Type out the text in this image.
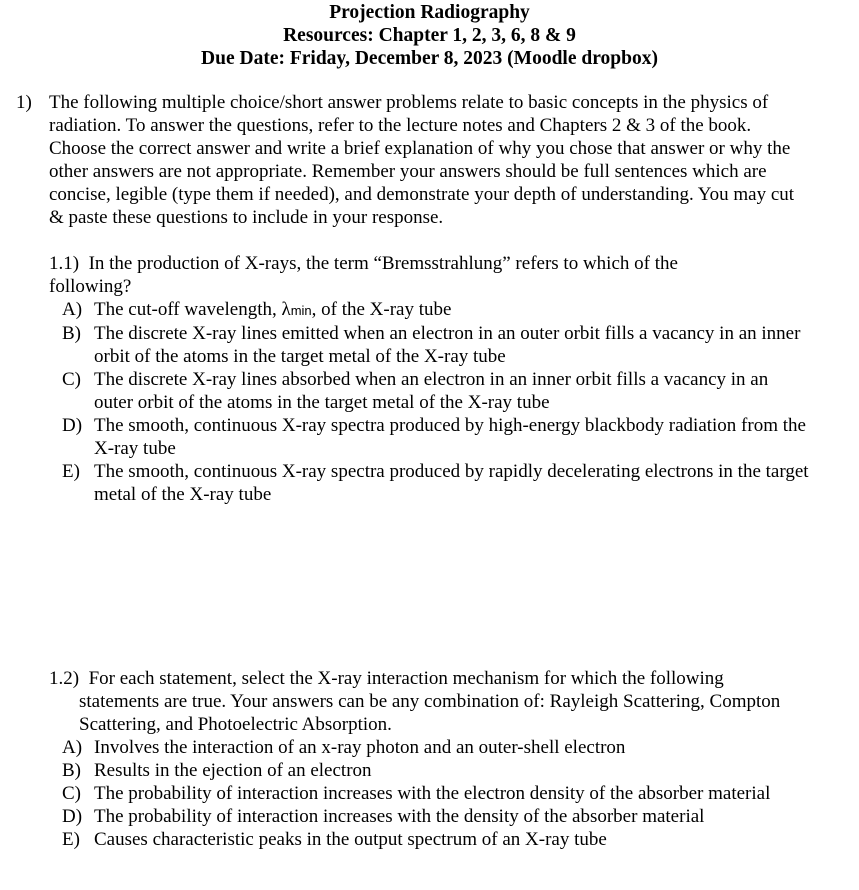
Projection Radiography
Resources: Chapter 1, 2, 3, 6, 8 & 9
Due Date: Friday, December 8, 2023 (Moodle dropbox)
1) The following multiple choice/short answer problems relate to basic concepts in the physics of radiation. To answer the questions, refer to the lecture notes and Chapters 2 & 3 of the book. Choose the correct answer and write a brief explanation of why you chose that answer or why the other answers are not appropriate. Remember your answers should be full sentences which are concise, legible (type them if needed), and demonstrate your depth of understanding. You may cut & paste these questions to include in your response.
1.1) In the production of X-rays, the term “Bremsstrahlung” refers to which of the following?
A) The cut-off wavelength, λmin, of the X-ray tube
B) The discrete X-ray lines emitted when an electron in an outer orbit fills a vacancy in an inner orbit of the atoms in the target metal of the X-ray tube
C) The discrete X-ray lines absorbed when an electron in an inner orbit fills a vacancy in an outer orbit of the atoms in the target metal of the X-ray tube
D) The smooth, continuous X-ray spectra produced by high-energy blackbody radiation from the X-ray tube
E) The smooth, continuous X-ray spectra produced by rapidly decelerating electrons in the target metal of the X-ray tube
1.2) For each statement, select the X-ray interaction mechanism for which the following statements are true. Your answers can be any combination of: Rayleigh Scattering, Compton Scattering, and Photoelectric Absorption.
A) Involves the interaction of an x-ray photon and an outer-shell electron
B) Results in the ejection of an electron
C) The probability of interaction increases with the electron density of the absorber material
D) The probability of interaction increases with the density of the absorber material
E) Causes characteristic peaks in the output spectrum of an X-ray tube
